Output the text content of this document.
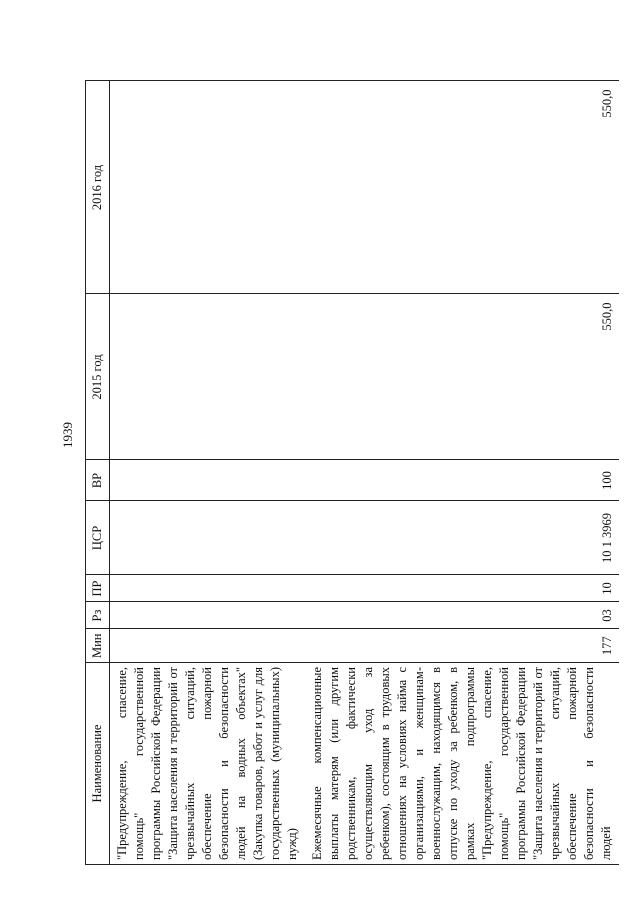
1939
Наименование	Мин	Рз	ПР	ЦСР	ВР	2015 год	2016 год
"Предупреждение, спасение, помощь" государственной программы Российской Федерации "Защита населения и территорий от чрезвычайных ситуаций, обеспечение пожарной безопасности и безопасности людей на водных объектах" (Закупка товаров, работ и услуг для государственных (муниципальных) нужд)							
Ежемесячные компенсационные выплаты матерям (или другим родственникам, фактически осуществляющим уход за ребенком), состоящим в трудовых отношениях на условиях найма с организациями, и женщинам-военнослужащим, находящимся в отпуске по уходу за ребенком, в рамках подпрограммы "Предупреждение, спасение, помощь" государственной программы Российской Федерации "Защита населения и территорий от чрезвычайных ситуаций, обеспечение пожарной безопасности и безопасности людей	177	03	10	10 1 3969	100	550,0	550,0
